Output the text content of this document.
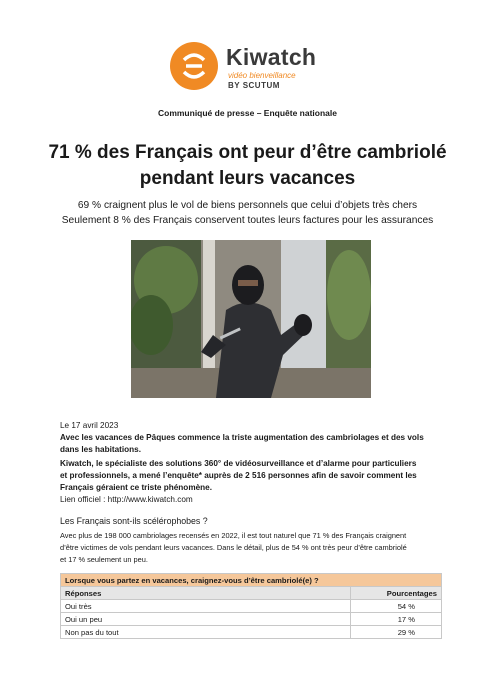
Kiwatch
vidéo bienveillance
BY SCUTUM
Communiqué de presse – Enquête nationale
71 % des Français ont peur d’être cambriolé
pendant leurs vacances
69 % craignent plus le vol de biens personnels que celui d’objets très chers
Seulement 8 % des Français conservent toutes leurs factures pour les assurances
Le 17 avril 2023
Avec les vacances de Pâques commence la triste augmentation des cambriolages et des vols
dans les habitations.
Kiwatch, le spécialiste des solutions 360° de vidéosurveillance et d’alarme pour particuliers
et professionnels, a mené l’enquête* auprès de 2 516 personnes afin de savoir comment les
Français géraient ce triste phénomène.
Lien officiel : http://www.kiwatch.com
Les Français sont-ils scélérophobes ?
Avec plus de 198 000 cambriolages recensés en 2022, il est tout naturel que 71 % des Français craignent
d’être victimes de vols pendant leurs vacances. Dans le détail, plus de 54 % ont très peur d’être cambriolé
et 17 % seulement un peu.
Lorsque vous partez en vacances, craignez-vous d’être cambriolé(e) ?	
Réponses	Pourcentages
Oui très	54 %
Oui un peu	17 %
Non pas du tout	29 %
